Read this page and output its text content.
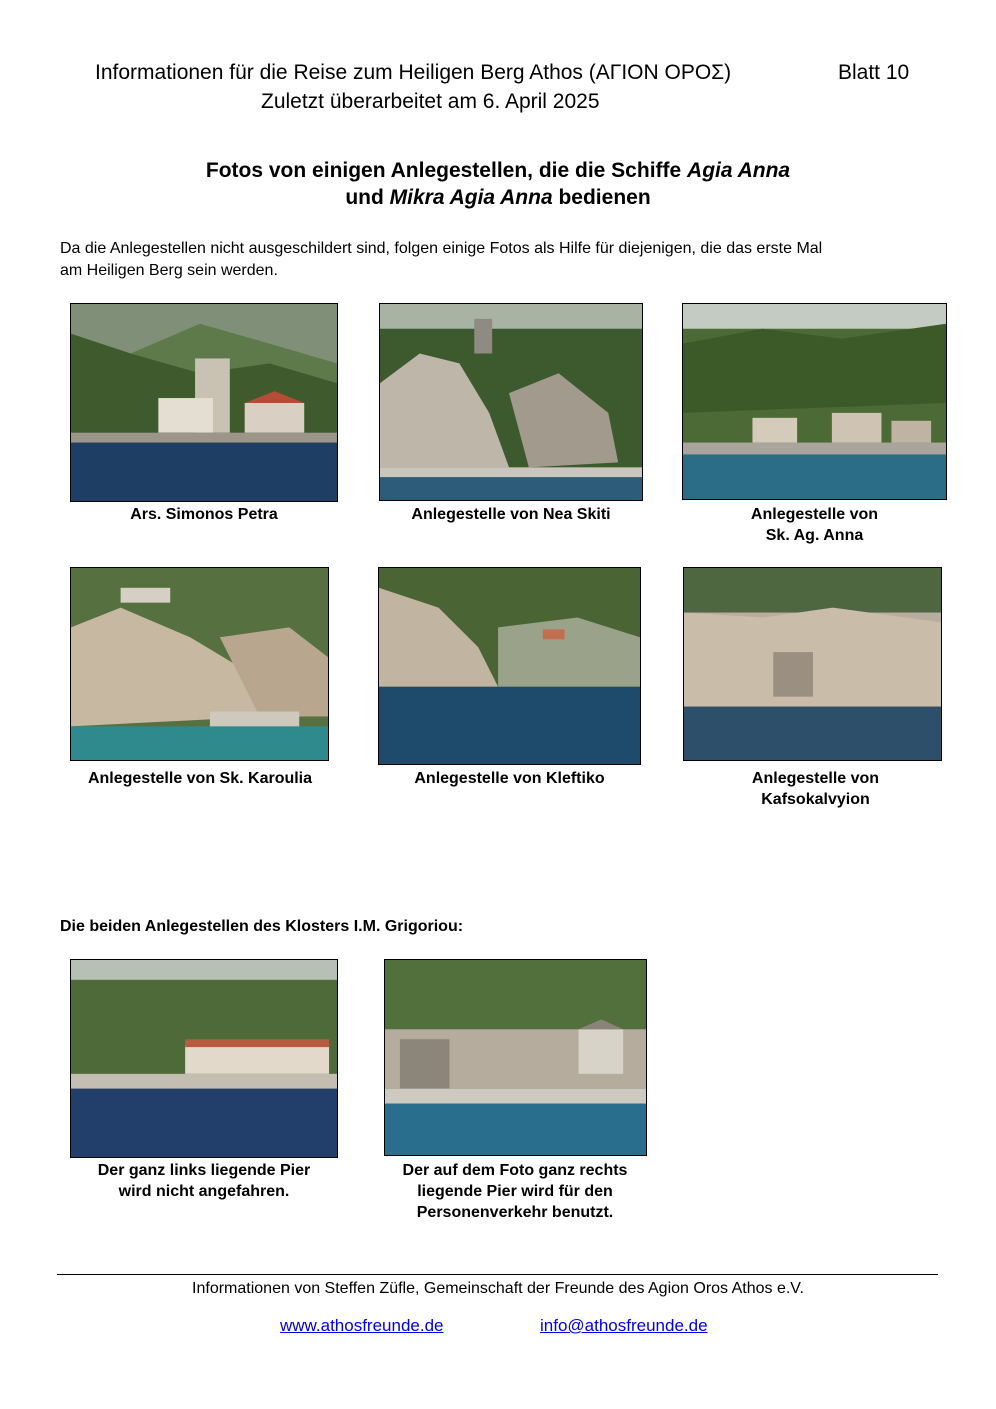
Informationen für die Reise zum Heiligen Berg Athos (ΑΓΙΟΝ ΟΡΟΣ)	Blatt 10
Zuletzt überarbeitet am 6. April 2025
Fotos von einigen Anlegestellen, die die Schiffe Agia Anna
und Mikra Agia Anna bedienen
Da die Anlegestellen nicht ausgeschildert sind, folgen einige Fotos als Hilfe für diejenigen, die das erste Mal
am Heiligen Berg sein werden.
Ars. Simonos Petra	Anlegestelle von Nea Skiti	Anlegestelle von
Sk. Ag. Anna
Anlegestelle von Sk. Karoulia	Anlegestelle von Kleftiko	Anlegestelle von
Kafsokalvyion
Die beiden Anlegestellen des Klosters I.M. Grigoriou:
Der ganz links liegende Pier
wird nicht angefahren.
Der auf dem Foto ganz rechts
liegende Pier wird für den
Personenverkehr benutzt.
Informationen von Steffen Züfle, Gemeinschaft der Freunde des Agion Oros Athos e.V.
www.athosfreunde.de	info@athosfreunde.de
